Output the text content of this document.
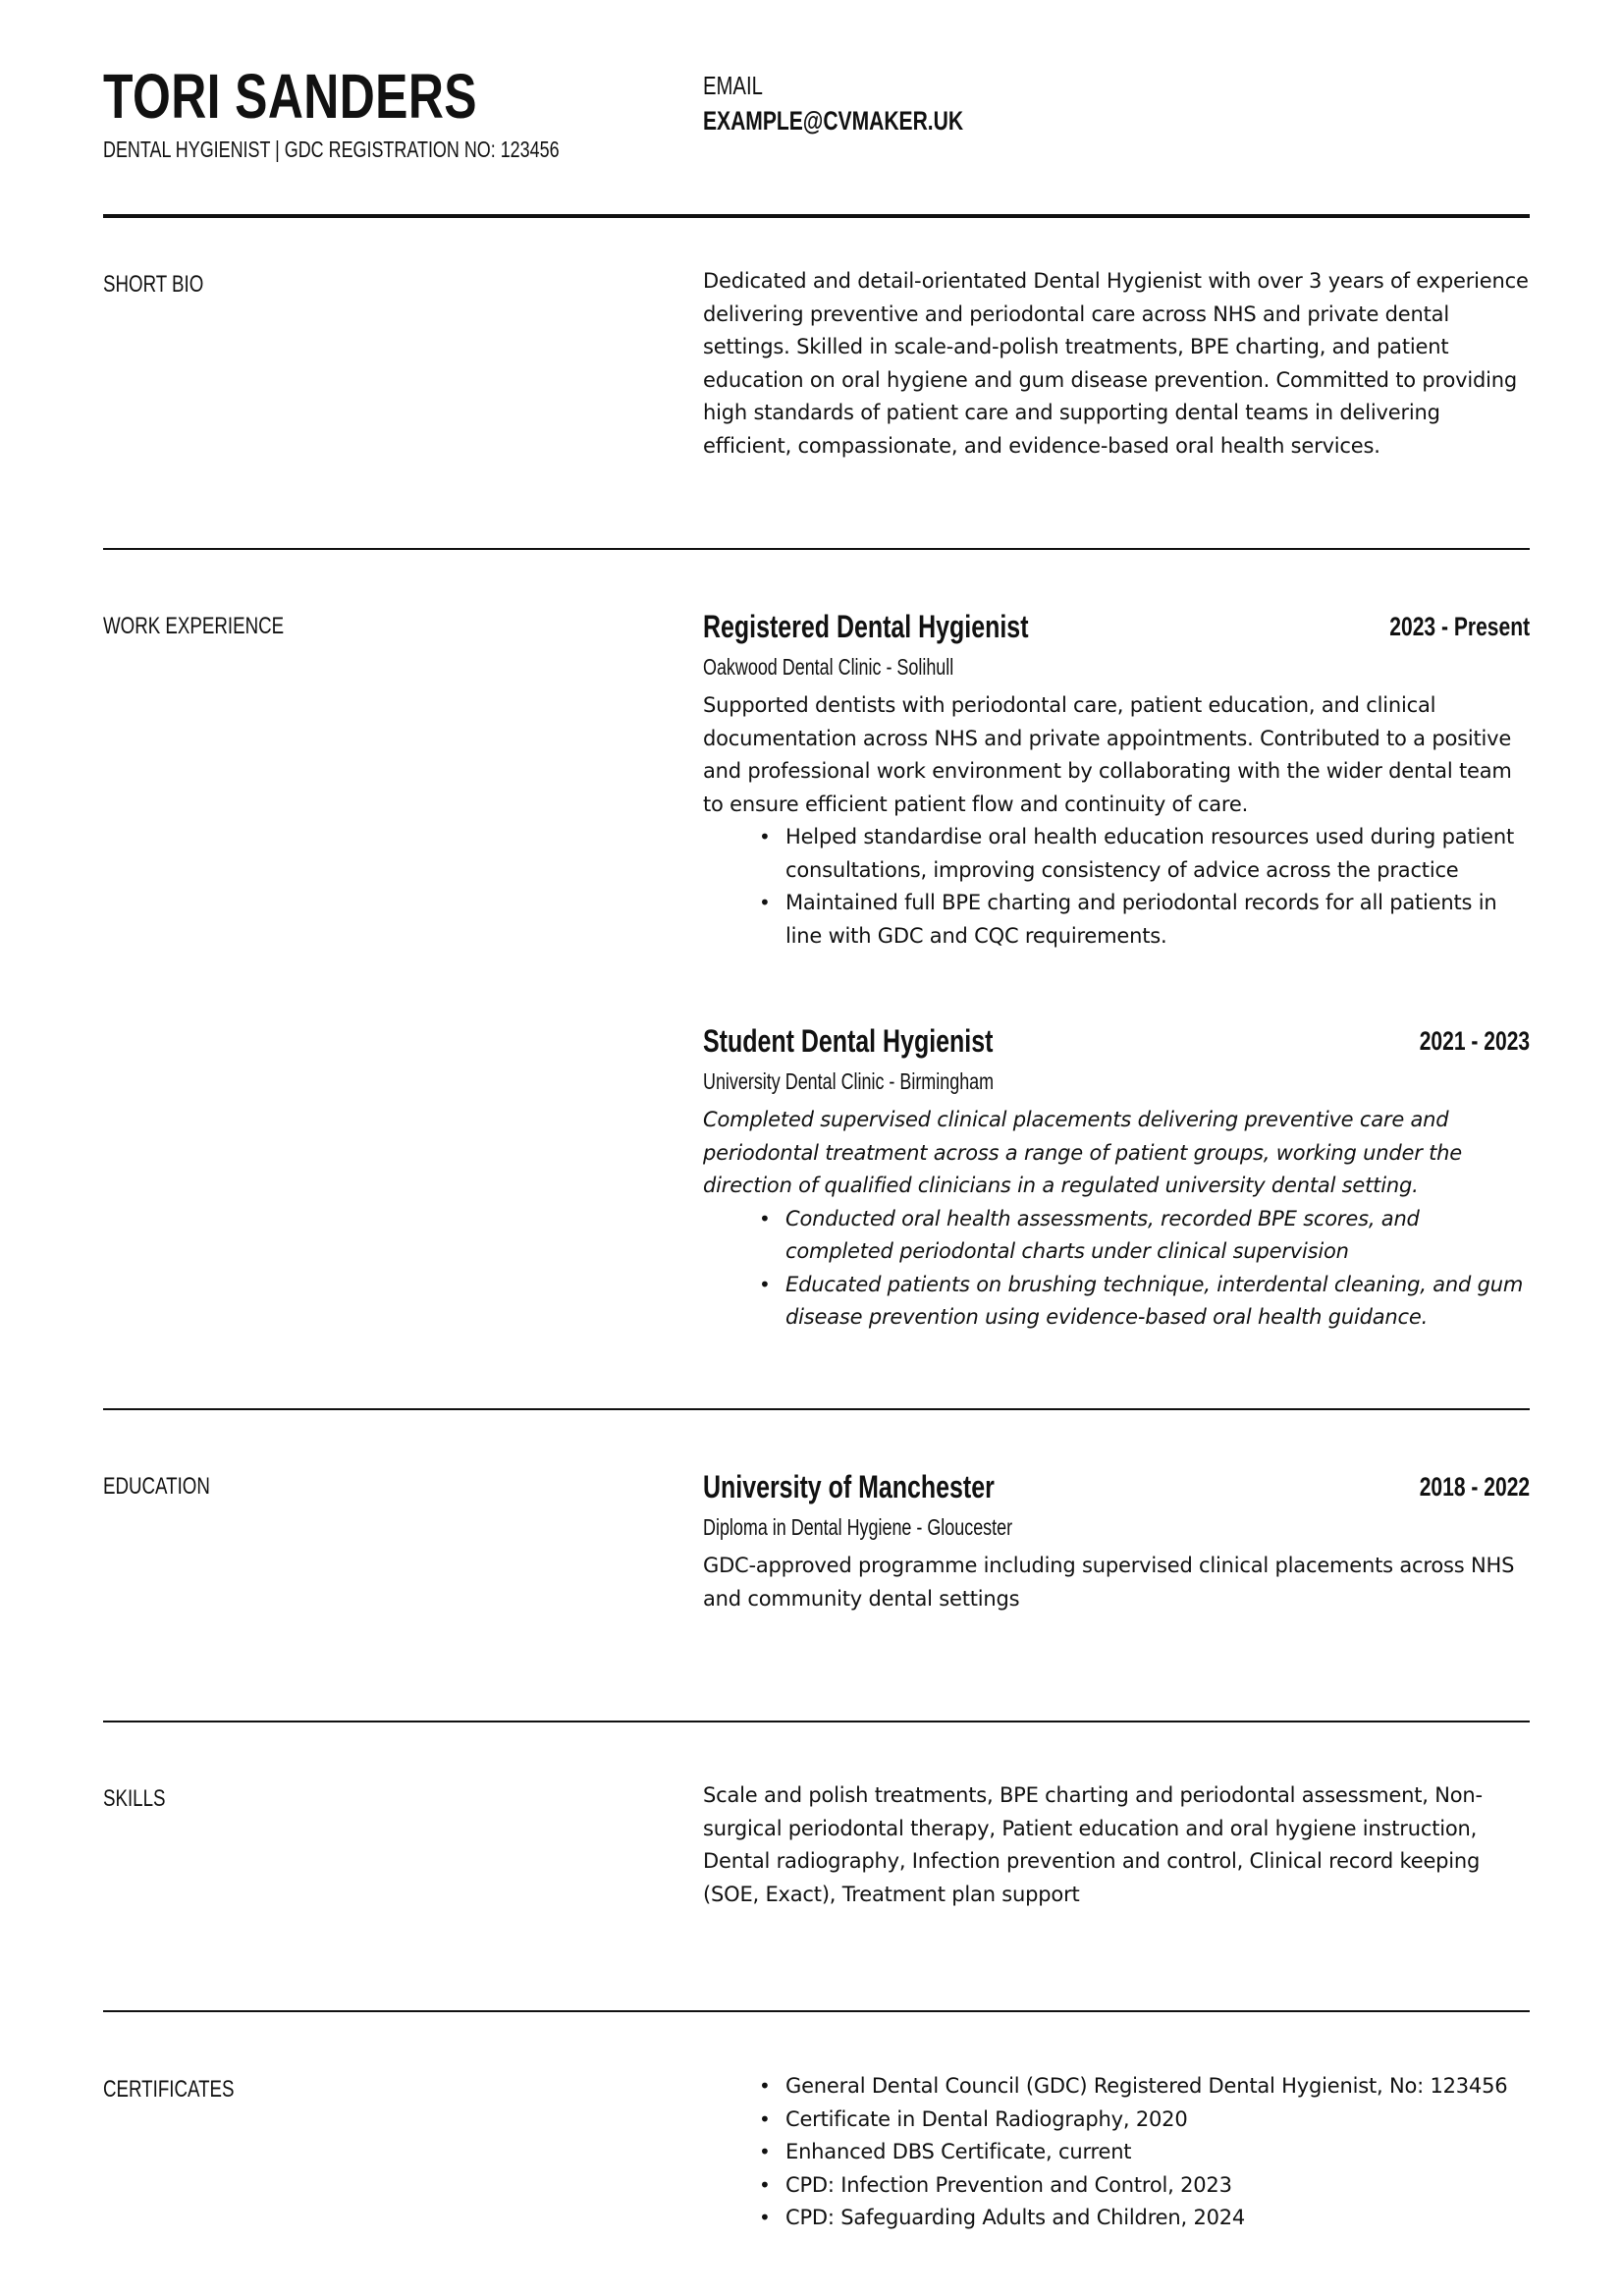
TORI SANDERS
DENTAL HYGIENIST | GDC REGISTRATION NO: 123456
EMAIL
EXAMPLE@CVMAKER.UK
SHORT BIO	Dedicated and detail-orientated Dental Hygienist with over 3 years of experience delivering preventive and periodontal care across NHS and private dental settings. Skilled in scale-and-polish treatments, BPE charting, and patient education on oral hygiene and gum disease prevention. Committed to providing high standards of patient care and supporting dental teams in delivering efficient, compassionate, and evidence-based oral health services.
WORK EXPERIENCE	Registered Dental Hygienist	2023 - Present
Oakwood Dental Clinic - Solihull
Supported dentists with periodontal care, patient education, and clinical documentation across NHS and private appointments. Contributed to a positive and professional work environment by collaborating with the wider dental team to ensure efficient patient flow and continuity of care.
• Helped standardise oral health education resources used during patient consultations, improving consistency of advice across the practice
• Maintained full BPE charting and periodontal records for all patients in line with GDC and CQC requirements.
Student Dental Hygienist	2021 - 2023
University Dental Clinic - Birmingham
Completed supervised clinical placements delivering preventive care and periodontal treatment across a range of patient groups, working under the direction of qualified clinicians in a regulated university dental setting.
• Conducted oral health assessments, recorded BPE scores, and completed periodontal charts under clinical supervision
• Educated patients on brushing technique, interdental cleaning, and gum disease prevention using evidence-based oral health guidance.
EDUCATION	University of Manchester	2018 - 2022
Diploma in Dental Hygiene - Gloucester
GDC-approved programme including supervised clinical placements across NHS and community dental settings
SKILLS	Scale and polish treatments, BPE charting and periodontal assessment, Non-surgical periodontal therapy, Patient education and oral hygiene instruction, Dental radiography, Infection prevention and control, Clinical record keeping (SOE, Exact), Treatment plan support
CERTIFICATES
•	General Dental Council (GDC) Registered Dental Hygienist, No: 123456
• Certificate in Dental Radiography, 2020
• Enhanced DBS Certificate, current
• CPD: Infection Prevention and Control, 2023
• CPD: Safeguarding Adults and Children, 2024
